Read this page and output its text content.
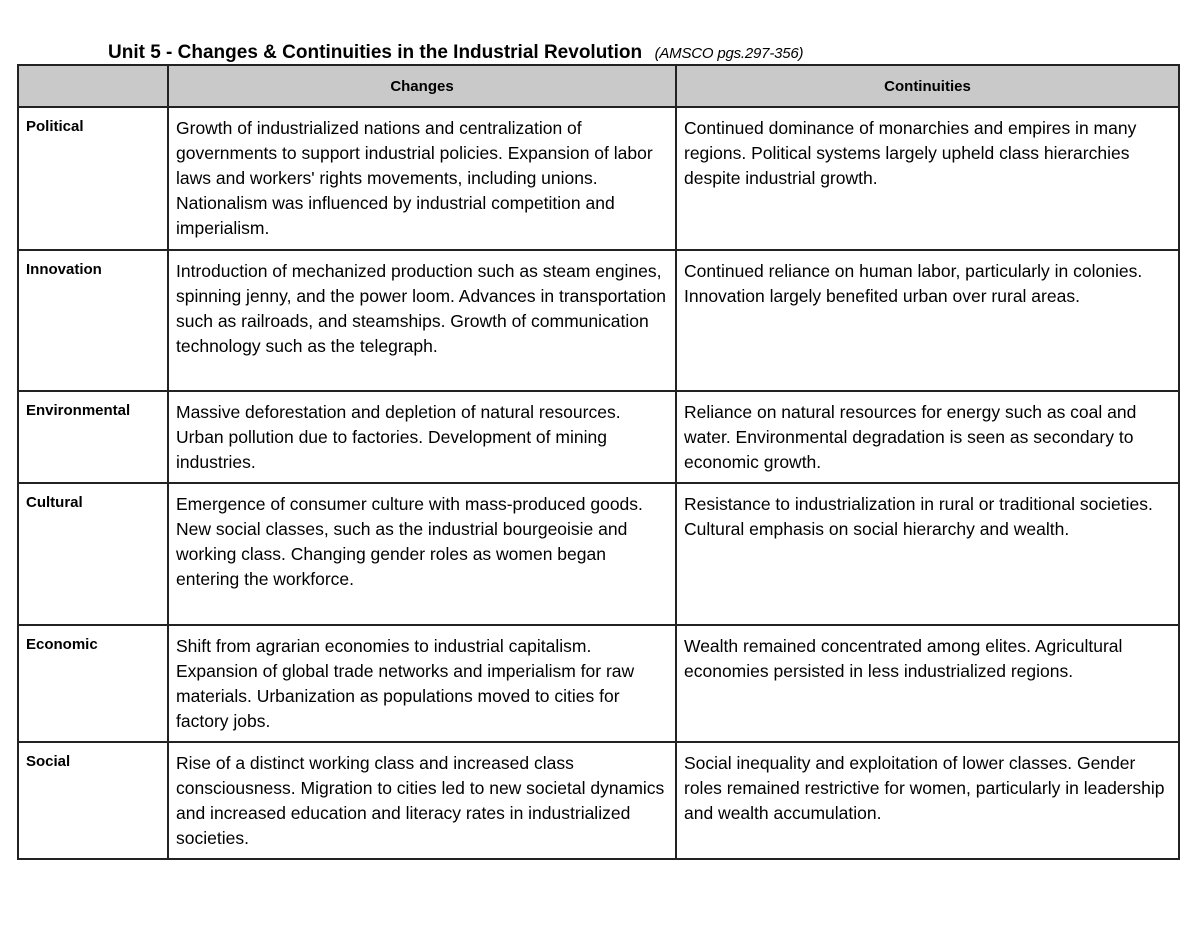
Unit 5 - Changes & Continuities in the Industrial Revolution (AMSCO pgs.297-356)
	Changes	Continuities
Political	Growth of industrialized nations and centralization of governments to support industrial policies. Expansion of labor laws and workers' rights movements, including unions. Nationalism was influenced by industrial competition and imperialism.	Continued dominance of monarchies and empires in many regions. Political systems largely upheld class hierarchies despite industrial growth.
Innovation	Introduction of mechanized production such as steam engines, spinning jenny, and the power loom. Advances in transportation such as railroads, and steamships. Growth of communication technology such as the telegraph.	Continued reliance on human labor, particularly in colonies. Innovation largely benefited urban over rural areas.
Environmental	Massive deforestation and depletion of natural resources. Urban pollution due to factories. Development of mining industries.	Reliance on natural resources for energy such as coal and water. Environmental degradation is seen as secondary to economic growth.
Cultural	Emergence of consumer culture with mass-produced goods. New social classes, such as the industrial bourgeoisie and working class. Changing gender roles as women began entering the workforce.	Resistance to industrialization in rural or traditional societies. Cultural emphasis on social hierarchy and wealth.
Economic	Shift from agrarian economies to industrial capitalism. Expansion of global trade networks and imperialism for raw materials. Urbanization as populations moved to cities for factory jobs.	Wealth remained concentrated among elites. Agricultural economies persisted in less industrialized regions.
Social	Rise of a distinct working class and increased class consciousness. Migration to cities led to new societal dynamics and increased education and literacy rates in industrialized societies.	Social inequality and exploitation of lower classes. Gender roles remained restrictive for women, particularly in leadership and wealth accumulation.
